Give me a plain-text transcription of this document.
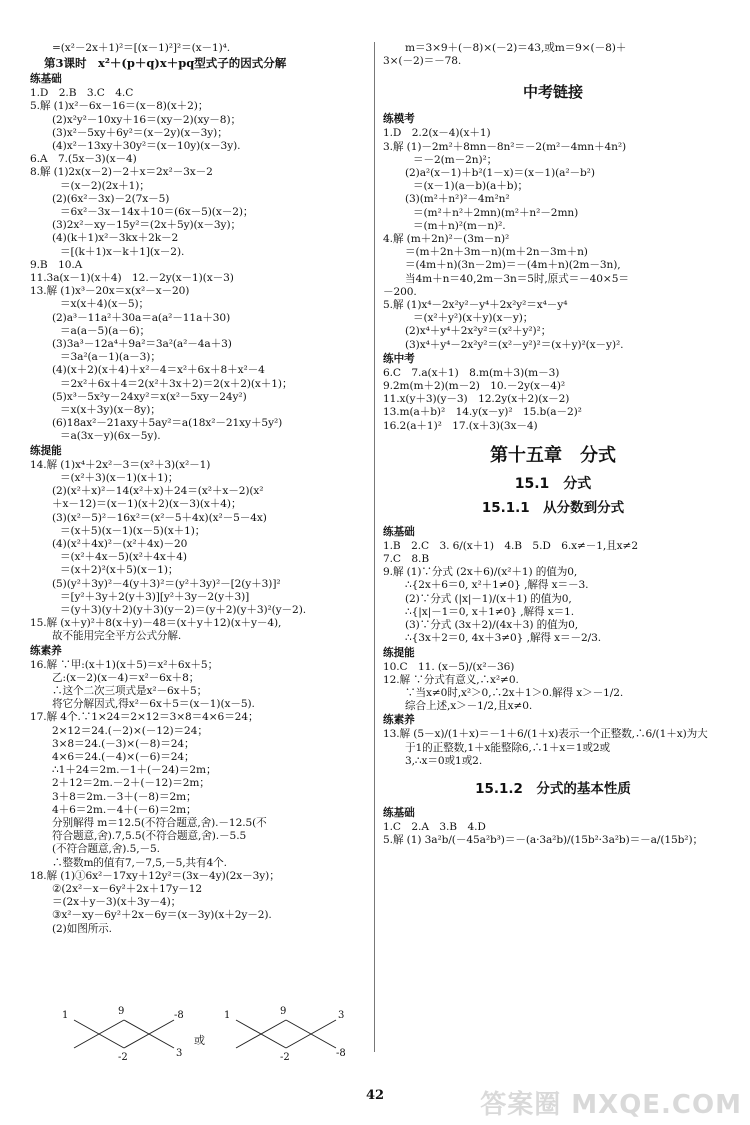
=(x²－2x＋1)²＝[(x－1)²]²＝(x－1)⁴.
第3课时　x²＋(p＋q)x＋pq型式子的因式分解
练基础
1.D　2.B　3.C　4.C
5.解 (1)x²－6x－16＝(x－8)(x＋2)；
(2)x²y²－10xy＋16＝(xy－2)(xy－8)；
(3)x²－5xy＋6y²＝(x－2y)(x－3y)；
(4)x²－13xy＋30y²＝(x－10y)(x－3y).
6.A　7.(5x－3)(x－4)
8.解 (1)2x(x－2)－2＋x＝2x²－3x－2
＝(x－2)(2x＋1)；
(2)(6x²－3x)－2(7x－5)
＝6x²－3x－14x＋10＝(6x－5)(x－2)；
(3)2x²－xy－15y²＝(2x＋5y)(x－3y)；
(4)(k＋1)x²－3kx＋2k－2
＝[(k＋1)x－k＋1](x－2).
9.B　10.A
11.3a(x－1)(x＋4)　12.－2y(x－1)(x－3)
13.解 (1)x³－20x＝x(x²－x－20)
＝x(x＋4)(x－5)；
(2)a³－11a²＋30a＝a(a²－11a＋30)
＝a(a－5)(a－6)；
(3)3a³－12a⁴＋9a²＝3a²(a²－4a＋3)
＝3a²(a－1)(a－3)；
(4)(x＋2)(x＋4)＋x²－4＝x²＋6x＋8＋x²－4
＝2x²＋6x＋4＝2(x²＋3x＋2)＝2(x＋2)(x＋1)；
(5)x³－5x²y－24xy²＝x(x²－5xy－24y²)
＝x(x＋3y)(x－8y)；
(6)18ax²－21axy＋5ay²＝a(18x²－21xy＋5y²)
＝a(3x－y)(6x－5y).
练提能
14.解 (1)x⁴＋2x²－3＝(x²＋3)(x²－1)
＝(x²＋3)(x－1)(x＋1)；
(2)(x²＋x)²－14(x²＋x)＋24＝(x²＋x－2)(x²
＋x－12)＝(x－1)(x＋2)(x－3)(x＋4)；
(3)(x²－5)²－16x²＝(x²－5＋4x)(x²－5－4x)
＝(x＋5)(x－1)(x－5)(x＋1)；
(4)(x²＋4x)²－(x²＋4x)－20
＝(x²＋4x－5)(x²＋4x＋4)
＝(x＋2)²(x＋5)(x－1)；
(5)(y²＋3y)²－4(y＋3)²＝(y²＋3y)²－[2(y＋3)]²
＝[y²＋3y＋2(y＋3)][y²＋3y－2(y＋3)]
＝(y＋3)(y＋2)(y＋3)(y－2)＝(y＋2)(y＋3)²(y－2).
15.解 (x＋y)²＋8(x＋y)－48＝(x＋y＋12)(x＋y－4),
故不能用完全平方公式分解.
练素养
16.解 ∵甲:(x＋1)(x＋5)＝x²＋6x＋5；
乙:(x－2)(x－4)＝x²－6x＋8；
∴这个二次三项式是x²－6x＋5；
将它分解因式,得x²－6x＋5＝(x－1)(x－5).
17.解 4个.∵1×24＝2×12＝3×8＝4×6＝24；
2×12＝24.(－2)×(－12)＝24；
3×8＝24.(－3)×(－8)＝24；
4×6＝24.(－4)×(－6)＝24；
∴1＋24＝2m.－1＋(－24)＝2m；
2＋12＝2m.－2＋(－12)＝2m；
3＋8＝2m.－3＋(－8)＝2m；
4＋6＝2m.－4＋(－6)＝2m；
分别解得 m＝12.5(不符合题意,舍).－12.5(不
符合题意,舍).7,5.5(不符合题意,舍).－5.5
(不符合题意,舍).5,－5.
∴整数m的值有7,－7,5,－5,共有4个.
18.解 (1)①6x²－17xy＋12y²＝(3x－4y)(2x－3y)；
②(2x²－x－6y²＋2x＋17y－12
＝(2x＋y－3)(x＋3y－4)；
③x²－xy－6y²＋2x－6y＝(x－3y)(x＋2y－2).
(2)如图所示.
1	9	-8
-2	3
或
1	9	3
-2	-8
m＝3×9＋(－8)×(－2)＝43,或m＝9×(－8)＋
3×(－2)＝－78.
中考链接
练模考
1.D　2.2(x－4)(x＋1)
3.解 (1)－2m²＋8mn－8n²＝－2(m²－4mn＋4n²)
＝－2(m－2n)²；
(2)a²(x－1)＋b²(1－x)＝(x－1)(a²－b²)
＝(x－1)(a－b)(a＋b)；
(3)(m²＋n²)²－4m²n²
＝(m²＋n²＋2mn)(m²＋n²－2mn)
＝(m＋n)²(m－n)².
4.解 (m＋2n)²－(3m－n)²
＝(m＋2n＋3m－n)(m＋2n－3m＋n)
＝(4m＋n)(3n－2m)＝－(4m＋n)(2m－3n),
当4m＋n＝40,2m－3n＝5时,原式＝－40×5＝
－200.
5.解 (1)x⁴－2x²y²－y⁴＋2x²y²＝x⁴－y⁴
＝(x²＋y²)(x＋y)(x－y)；
(2)x⁴＋y⁴＋2x²y²＝(x²＋y²)²；
(3)x⁴＋y⁴－2x²y²＝(x²－y²)²＝(x＋y)²(x－y)².
练中考
6.C　7.a(x＋1)　8.m(m＋3)(m－3)
9.2m(m＋2)(m－2)　10.－2y(x－4)²
11.x(y＋3)(y－3)　12.2y(x＋2)(x－2)
13.m(a＋b)²　14.y(x－y)²　15.b(a－2)²
16.2(a＋1)²　17.(x＋3)(3x－4)
第十五章　分式
15.1　分式
15.1.1　从分数到分式
练基础
1.B　2.C　3. 6/(x＋1)　4.B　5.D　6.x≠－1,且x≠2
7.C　8.B
9.解 (1)∵分式 (2x＋6)/(x²＋1) 的值为0,
∴{2x＋6＝0, x²＋1≠0} ,解得 x＝－3.
(2)∵分式 (|x|－1)/(x＋1) 的值为0,
∴{|x|－1＝0, x＋1≠0} ,解得 x＝1.
(3)∵分式 (3x＋2)/(4x＋3) 的值为0,
∴{3x＋2＝0, 4x＋3≠0} ,解得 x＝－2/3.
练提能
10.C　11. (x－5)/(x²－36)
12.解 ∵分式有意义,∴x²≠0.
∵当x≠0时,x²＞0,∴2x＋1＞0.解得 x＞－1/2.
综合上述,x＞－1/2,且x≠0.
练素养
13.解 (5－x)/(1＋x)＝－1＋6/(1＋x)表示一个正整数,∴6/(1＋x)为大
于1的正整数,1＋x能整除6,∴1＋x＝1或2或
3,∴x＝0或1或2.
15.1.2　分式的基本性质
练基础
1.C　2.A　3.B　4.D
5.解 (1) 3a²b/(－45a²b³)＝－(a·3a²b)/(15b²·3a²b)＝－a/(15b²)；
42	答案圈 MXQE.COM
